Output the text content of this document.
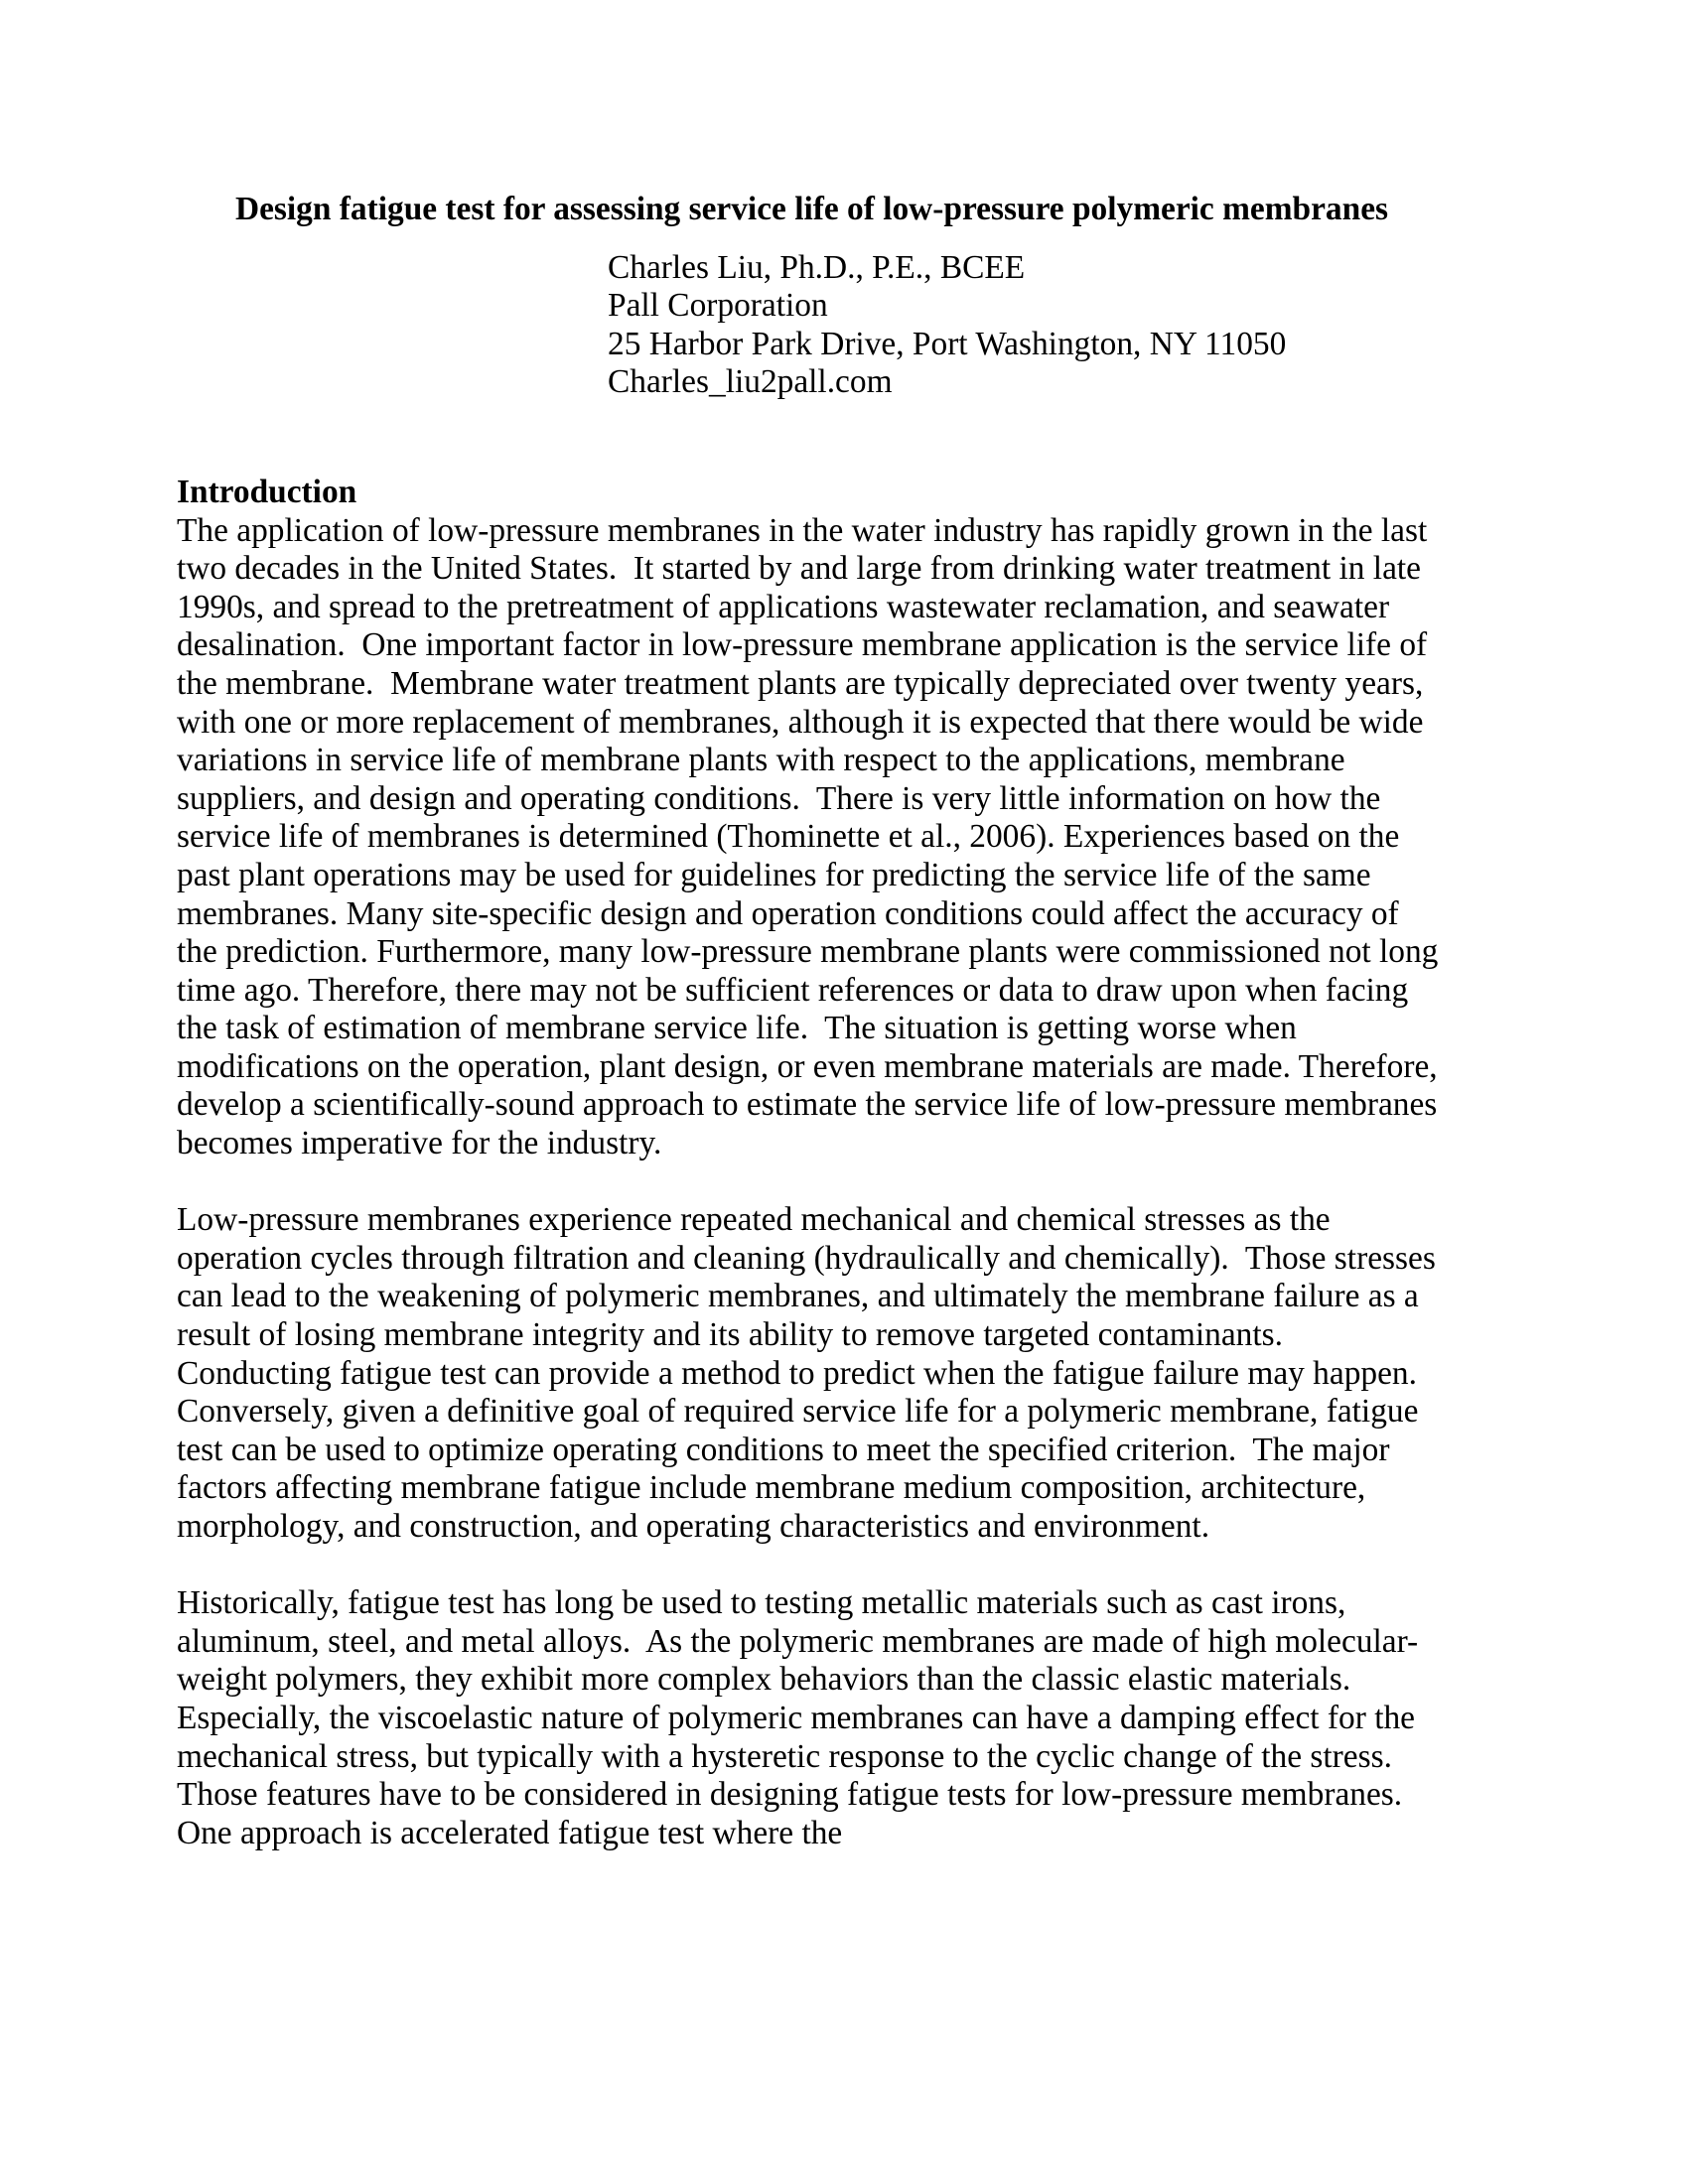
Design fatigue test for assessing service life of low-pressure polymeric membranes
Charles Liu, Ph.D., P.E., BCEE
Pall Corporation
25 Harbor Park Drive, Port Washington, NY 11050
Charles_liu2pall.com
Introduction

The application of low-pressure membranes in the water industry has rapidly grown in the last two decades in the United States.  It started by and large from drinking water treatment in late 1990s, and spread to the pretreatment of applications wastewater reclamation, and seawater desalination.  One important factor in low-pressure membrane application is the service life of the membrane.  Membrane water treatment plants are typically depreciated over twenty years, with one or more replacement of membranes, although it is expected that there would be wide variations in service life of membrane plants with respect to the applications, membrane suppliers, and design and operating conditions.  There is very little information on how the service life of membranes is determined (Thominette et al., 2006). Experiences based on the past plant operations may be used for guidelines for predicting the service life of the same membranes. Many site-specific design and operation conditions could affect the accuracy of the prediction. Furthermore, many low-pressure membrane plants were commissioned not long time ago. Therefore, there may not be sufficient references or data to draw upon when facing the task of estimation of membrane service life.  The situation is getting worse when modifications on the operation, plant design, or even membrane materials are made. Therefore, develop a scientifically-sound approach to estimate the service life of low-pressure membranes becomes imperative for the industry.

Low-pressure membranes experience repeated mechanical and chemical stresses as the operation cycles through filtration and cleaning (hydraulically and chemically).  Those stresses can lead to the weakening of polymeric membranes, and ultimately the membrane failure as a result of losing membrane integrity and its ability to remove targeted contaminants.  Conducting fatigue test can provide a method to predict when the fatigue failure may happen.  Conversely, given a definitive goal of required service life for a polymeric membrane, fatigue test can be used to optimize operating conditions to meet the specified criterion.  The major factors affecting membrane fatigue include membrane medium composition, architecture, morphology, and construction, and operating characteristics and environment.

Historically, fatigue test has long be used to testing metallic materials such as cast irons, aluminum, steel, and metal alloys.  As the polymeric membranes are made of high molecular-weight polymers, they exhibit more complex behaviors than the classic elastic materials.  Especially, the viscoelastic nature of polymeric membranes can have a damping effect for the mechanical stress, but typically with a hysteretic response to the cyclic change of the stress.  Those features have to be considered in designing fatigue tests for low-pressure membranes.  One approach is accelerated fatigue test where the
